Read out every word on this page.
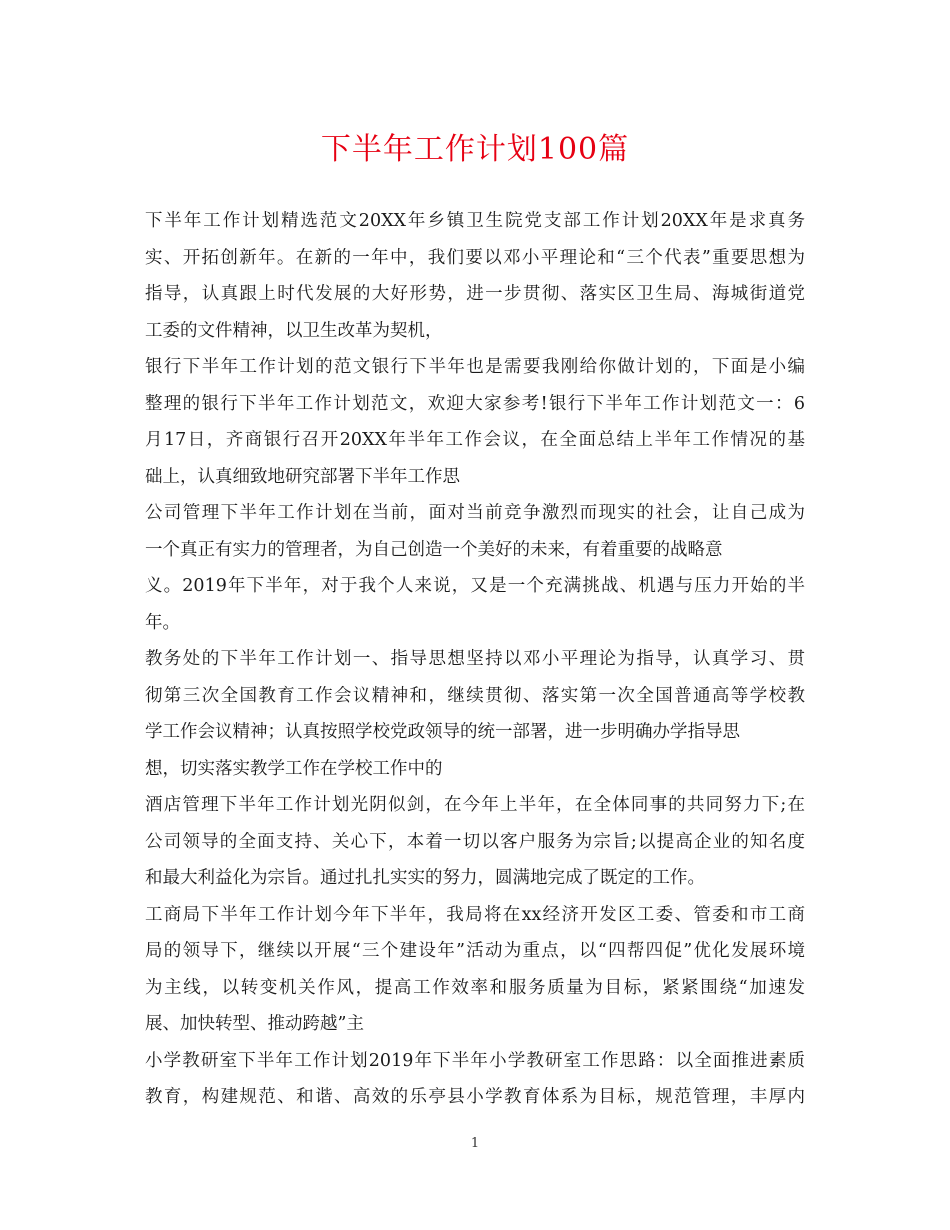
下半年工作计划100篇
下半年工作计划精选范文20XX年乡镇卫生院党支部工作计划20XX年是求真务
实、开拓创新年。在新的一年中，我们要以邓小平理论和“三个代表”重要思想为
指导，认真跟上时代发展的大好形势，进一步贯彻、落实区卫生局、海城街道党
工委的文件精神，以卫生改革为契机，
银行下半年工作计划的范文银行下半年也是需要我刚给你做计划的，下面是小编
整理的银行下半年工作计划范文，欢迎大家参考!银行下半年工作计划范文一：6
月17日，齐商银行召开20XX年半年工作会议，在全面总结上半年工作情况的基
础上，认真细致地研究部署下半年工作思
公司管理下半年工作计划在当前，面对当前竞争激烈而现实的社会，让自己成为
一个真正有实力的管理者，为自己创造一个美好的未来，有着重要的战略意
义。2019年下半年，对于我个人来说，又是一个充满挑战、机遇与压力开始的半
年。
教务处的下半年工作计划一、指导思想坚持以邓小平理论为指导，认真学习、贯
彻第三次全国教育工作会议精神和，继续贯彻、落实第一次全国普通高等学校教
学工作会议精神；认真按照学校党政领导的统一部署，进一步明确办学指导思
想，切实落实教学工作在学校工作中的
酒店管理下半年工作计划光阴似剑，在今年上半年，在全体同事的共同努力下;在
公司领导的全面支持、关心下，本着一切以客户服务为宗旨;以提高企业的知名度
和最大利益化为宗旨。通过扎扎实实的努力，圆满地完成了既定的工作。
工商局下半年工作计划今年下半年，我局将在xx经济开发区工委、管委和市工商
局的领导下，继续以开展“三个建设年”活动为重点，以“四帮四促”优化发展环境
为主线，以转变机关作风，提高工作效率和服务质量为目标，紧紧围绕“加速发
展、加快转型、推动跨越”主
小学教研室下半年工作计划2019年下半年小学教研室工作思路：以全面推进素质
教育，构建规范、和谐、高效的乐亭县小学教育体系为目标，规范管理，丰厚内
1
